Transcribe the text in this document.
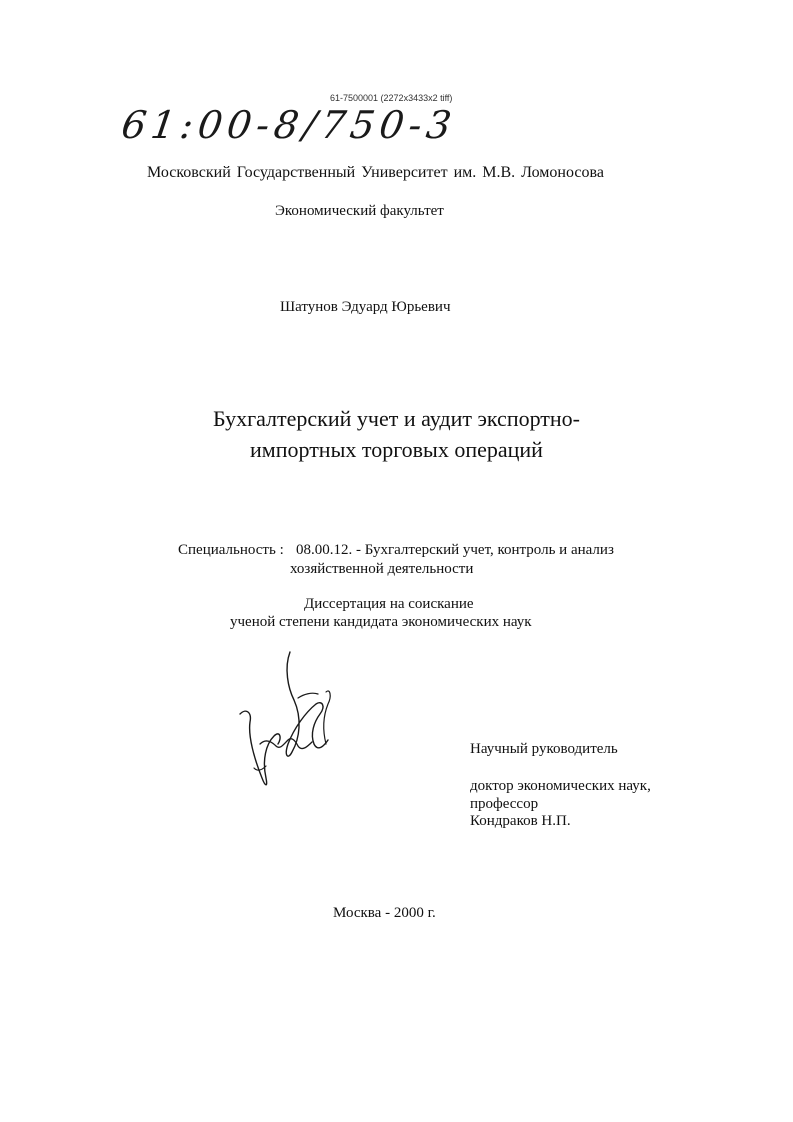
61-7500001 (2272x3433x2 tiff)
61:00-8/750-3
Московский Государственный Университет им. М.В. Ломоносова
Экономический факультет
Шатунов Эдуард Юрьевич
Бухгалтерский учет и аудит экспортно-
импортных торговых операций
Специальность : 08.00.12. - Бухгалтерский учет, контроль и анализ
хозяйственной деятельности
Диссертация на соискание
ученой степени кандидата экономических наук
Научный руководитель
доктор экономических наук,
профессор
Кондраков Н.П.
Москва - 2000 г.
